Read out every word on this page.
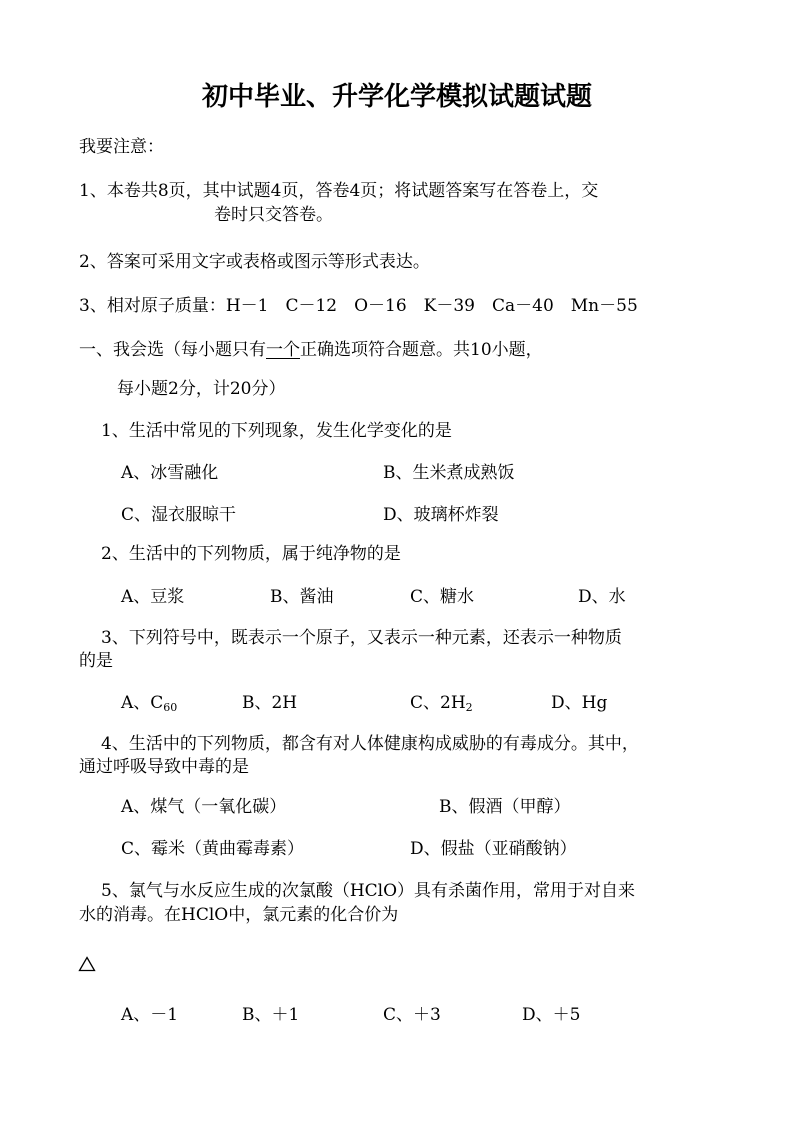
初中毕业、升学化学模拟试题试题
我要注意：
1、本卷共8页，其中试题4页，答卷4页；将试题答案写在答卷上，交
卷时只交答卷。
2、答案可采用文字或表格或图示等形式表达。
3、相对原子质量：H－1　C－12　O－16　K－39　Ca－40　Mn－55
一、我会选（每小题只有一个正确选项符合题意。共10小题，
每小题2分，计20分）
1、生活中常见的下列现象，发生化学变化的是
A、冰雪融化	B、生米煮成熟饭
C、湿衣服晾干	D、玻璃杯炸裂
2、生活中的下列物质，属于纯净物的是
A、豆浆	B、酱油	C、糖水	D、水
3、下列符号中，既表示一个原子，又表示一种元素，还表示一种物质
的是
A、$C_{60}$	B、2H	C、$2H_2$	D、Hg
4、生活中的下列物质，都含有对人体健康构成威胁的有毒成分。其中，
通过呼吸导致中毒的是
A、煤气（一氧化碳）	B、假酒（甲醇）
C、霉米（黄曲霉毒素）	D、假盐（亚硝酸钠）
5、氯气与水反应生成的次氯酸（HClO）具有杀菌作用，常用于对自来
水的消毒。在HClO中，氯元素的化合价为
A、－1	B、＋1	C、＋3	D、＋5
